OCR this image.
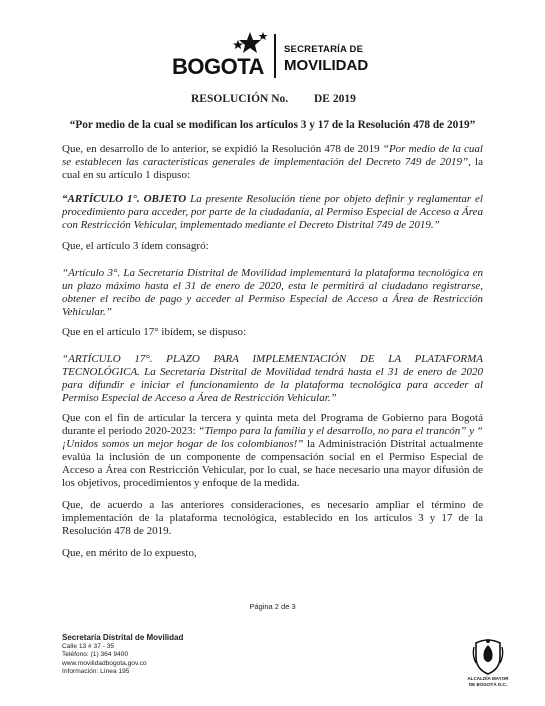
BOGOTA
SECRETARÍA DE
MOVILIDAD
RESOLUCIÓN No. DE 2019
“Por medio de la cual se modifican los artículos 3 y 17 de la Resolución 478 de 2019”
Que, en desarrollo de lo anterior, se expidió la Resolución 478 de 2019 “Por medio de la cual se establecen las características generales de implementación del Decreto 749 de 2019”, la cual en su artículo 1 dispuso:
“ARTÍCULO 1°. OBJETO La presente Resolución tiene por objeto definir y reglamentar el procedimiento para acceder, por parte de la ciudadanía, al Permiso Especial de Acceso a Área con Restricción Vehicular, implementado mediante el Decreto Distrital 749 de 2019.”
Que, el artículo 3 ídem consagró:
“Artículo 3°. La Secretaría Distrital de Movilidad implementará la plataforma tecnológica en un plazo máximo hasta el 31 de enero de 2020, esta le permitirá al ciudadano registrarse, obtener el recibo de pago y acceder al Permiso Especial de Acceso a Área de Restricción Vehicular.”
Que en el artículo 17° ibídem, se dispuso:
“ARTÍCULO 17°. PLAZO PARA IMPLEMENTACIÓN DE LA PLATAFORMA TECNOLÓGICA. La Secretaría Distrital de Movilidad tendrá hasta el 31 de enero de 2020 para difundir e iniciar el funcionamiento de la plataforma tecnológica para acceder al Permiso Especial de Acceso a Área de Restricción Vehicular.”
Que con el fin de articular la tercera y quinta meta del Programa de Gobierno para Bogotá durante el periodo 2020-2023: “Tiempo para la familia y el desarrollo, no para el trancón” y “ ¡Unidos somos un mejor hogar de los colombianos!” la Administración Distrital actualmente evalúa la inclusión de un componente de compensación social en el Permiso Especial de Acceso a Área con Restricción Vehicular, por lo cual, se hace necesario una mayor difusión de los objetivos, procedimientos y enfoque de la medida.
Que, de acuerdo a las anteriores consideraciones, es necesario ampliar el término de implementación de la plataforma tecnológica, establecido en los artículos 3 y 17 de la Resolución 478 de 2019.
Que, en mérito de lo expuesto,
Página 2 de 3
Secretaría Distrital de Movilidad
Calle 13 # 37 - 35
Teléfono: (1) 364 9400
www.movilidadbogota.gov.co
Información: Línea 195
ALCALDÍA MAYOR
DE BOGOTÁ D.C.
